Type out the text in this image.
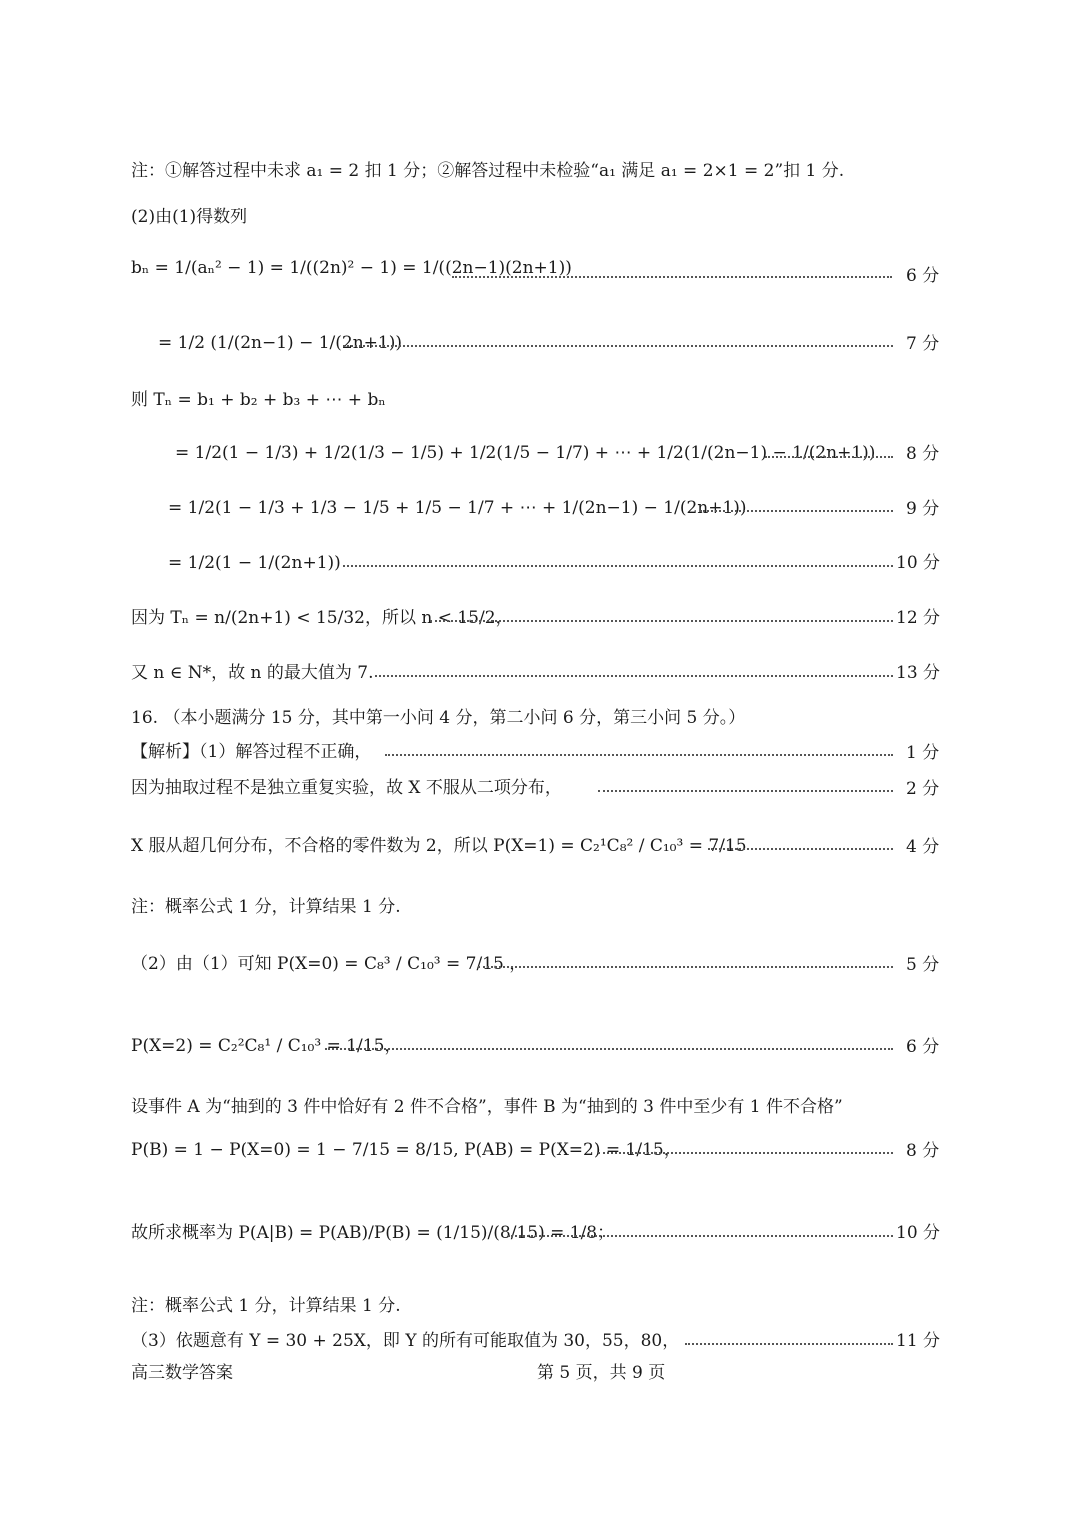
注：①解答过程中未求 a₁ = 2 扣 1 分；②解答过程中未检验“a₁ 满足 a₁ = 2×1 = 2”扣 1 分.
(2)由(1)得数列
bₙ = 1/(aₙ² − 1) = 1/((2n)² − 1) = 1/((2n−1)(2n+1))	6 分
= 1/2 (1/(2n−1) − 1/(2n+1))	7 分
则 Tₙ = b₁ + b₂ + b₃ + ⋯ + bₙ
= 1/2(1 − 1/3) + 1/2(1/3 − 1/5) + 1/2(1/5 − 1/7) + ⋯ + 1/2(1/(2n−1) − 1/(2n+1)) 8 分
= 1/2(1 − 1/3 + 1/3 − 1/5 + 1/5 − 1/7 + ⋯ + 1/(2n−1) − 1/(2n+1))	9 分
= 1/2(1 − 1/(2n+1))	10 分
因为 Tₙ = n/(2n+1) < 15/32，所以 n < 15/2，	12 分
又 n ∈ N*，故 n 的最大值为 7.	13 分
16. （本小题满分 15 分，其中第一小问 4 分，第二小问 6 分，第三小问 5 分。）
【解析】（1）解答过程不正确，	1 分
因为抽取过程不是独立重复实验，故 X 不服从二项分布，	2 分
X 服从超几何分布，不合格的零件数为 2，所以 P(X=1) = C₂¹C₈² / C₁₀³ = 7/15	4 分
注：概率公式 1 分，计算结果 1 分.
（2）由（1）可知 P(X=0) = C₈³ / C₁₀³ = 7/15 ，	5 分
P(X=2) = C₂²C₈¹ / C₁₀³ = 1/15，	6 分
设事件 A 为“抽到的 3 件中恰好有 2 件不合格”，事件 B 为“抽到的 3 件中至少有 1 件不合格”
P(B) = 1 − P(X=0) = 1 − 7/15 = 8/15, P(AB) = P(X=2) = 1/15，	8 分
故所求概率为 P(A|B) = P(AB)/P(B) = (1/15)/(8/15) = 1/8；	10 分
注：概率公式 1 分，计算结果 1 分.
（3）依题意有 Y = 30 + 25X，即 Y 的所有可能取值为 30，55，80，	11 分
高三数学答案	第 5 页，共 9 页
